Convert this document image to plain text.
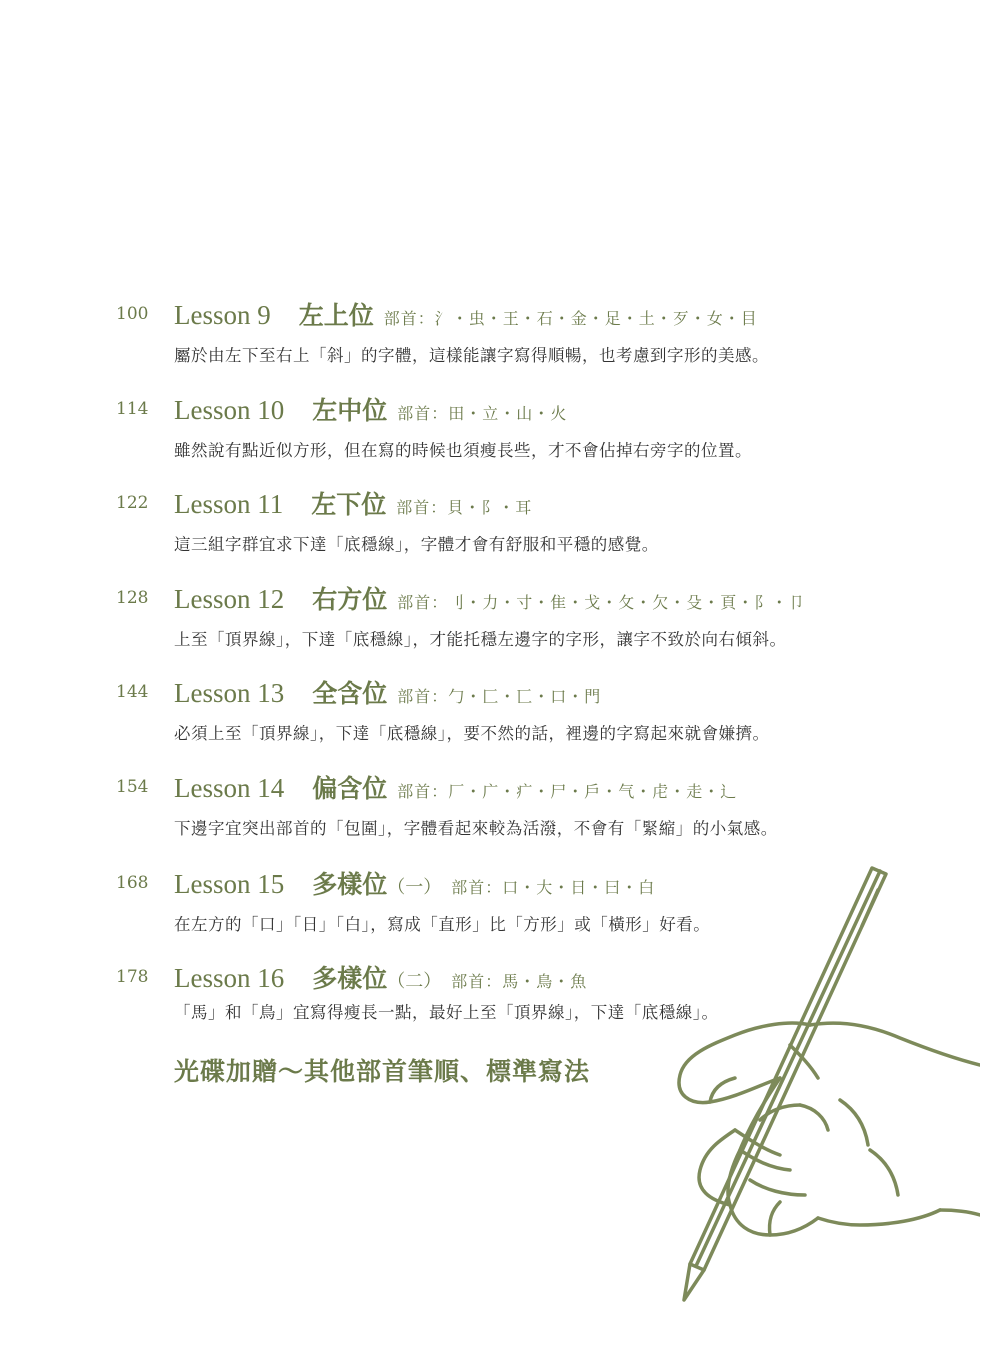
100 Lesson 9 左上位 部首：氵・虫・王・石・金・足・土・歹・女・目
屬於由左下至右上「斜」的字體，這樣能讓字寫得順暢，也考慮到字形的美感。
114 Lesson 10 左中位 部首：田・立・山・火
雖然說有點近似方形，但在寫的時候也須瘦長些，才不會佔掉右旁字的位置。
122 Lesson 11 左下位 部首：貝・阝・耳
這三組字群宜求下達「底穩線」，字體才會有舒服和平穩的感覺。
128 Lesson 12 右方位 部首：刂・力・寸・隹・戈・攵・欠・殳・頁・阝・卩
上至「頂界線」，下達「底穩線」，才能托穩左邊字的字形，讓字不致於向右傾斜。
144 Lesson 13 全含位 部首：勹・匚・匸・口・門
必須上至「頂界線」，下達「底穩線」，要不然的話，裡邊的字寫起來就會嫌擠。
154 Lesson 14 偏含位 部首：厂・广・疒・尸・戶・气・虍・走・辶
下邊字宜突出部首的「包圍」，字體看起來較為活潑，不會有「緊縮」的小氣感。
168 Lesson 15 多樣位（一） 部首：口・大・日・曰・白
在左方的「口」「日」「白」，寫成「直形」比「方形」或「橫形」好看。
178 Lesson 16 多樣位（二） 部首：馬・鳥・魚
「馬」和「鳥」宜寫得瘦長一點，最好上至「頂界線」，下達「底穩線」。
光碟加贈～其他部首筆順、標準寫法
